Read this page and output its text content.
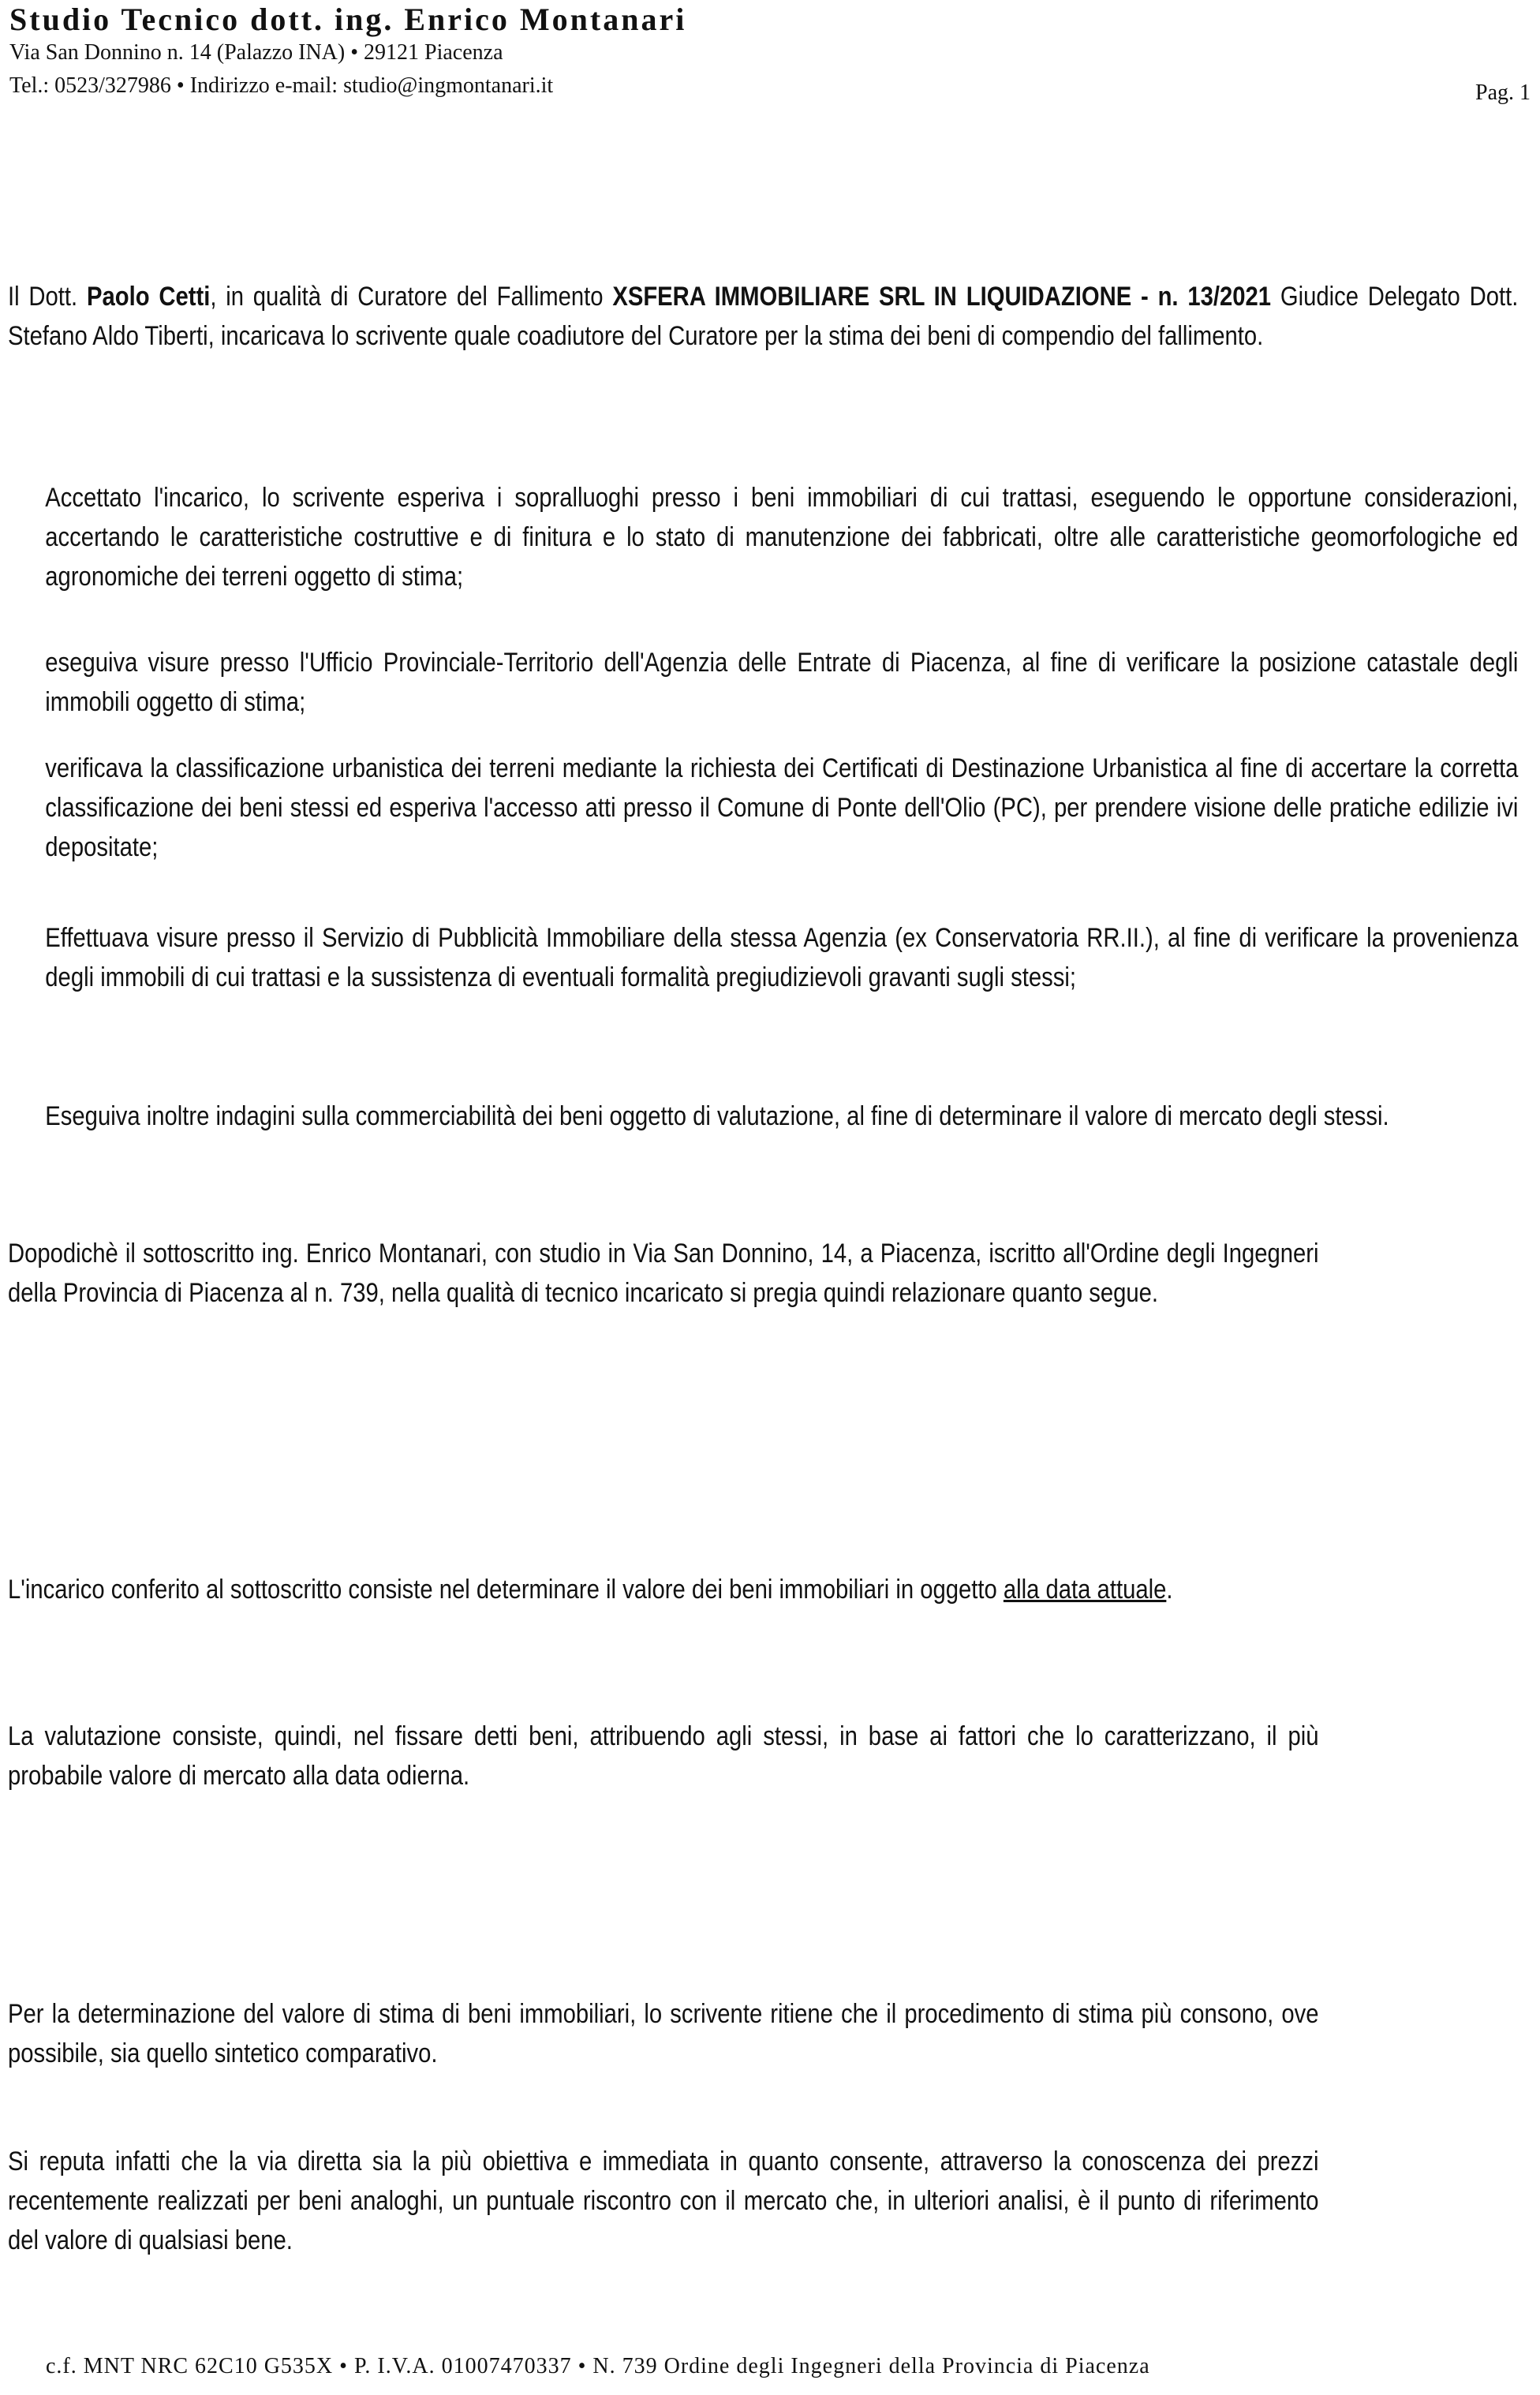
Studio Tecnico dott. ing. Enrico Montanari
Via San Donnino n. 14 (Palazzo INA) • 29121 Piacenza
Tel.: 0523/327986 • Indirizzo e-mail: studio@ingmontanari.it	Pag. 1

Il Dott. Paolo Cetti, in qualità di Curatore del Fallimento XSFERA IMMOBILIARE SRL IN LIQUIDAZIONE - n. 13/2021 Giudice Delegato Dott. Stefano Aldo Tiberti, incaricava lo scrivente quale coadiutore del Curatore per la stima dei beni di compendio del fallimento.

Accettato l'incarico, lo scrivente esperiva i sopralluoghi presso i beni immobiliari di cui trattasi, eseguendo le opportune considerazioni, accertando le caratteristiche costruttive e di finitura e lo stato di manutenzione dei fabbricati, oltre alle caratteristiche geomorfologiche ed agronomiche dei terreni oggetto di stima;

eseguiva visure presso l'Ufficio Provinciale-Territorio dell'Agenzia delle Entrate di Piacenza, al fine di verificare la posizione catastale degli immobili oggetto di stima;

verificava la classificazione urbanistica dei terreni mediante la richiesta dei Certificati di Destinazione Urbanistica al fine di accertare la corretta classificazione dei beni stessi ed esperiva l'accesso atti presso il Comune di Ponte dell'Olio (PC), per prendere visione delle pratiche edilizie ivi depositate;

Effettuava visure presso il Servizio di Pubblicità Immobiliare della stessa Agenzia (ex Conservatoria RR.II.), al fine di verificare la provenienza degli immobili di cui trattasi e la sussistenza di eventuali formalità pregiudizievoli gravanti sugli stessi;

Eseguiva inoltre indagini sulla commerciabilità dei beni oggetto di valutazione, al fine di determinare il valore di mercato degli stessi.

Dopodichè il sottoscritto ing. Enrico Montanari, con studio in Via San Donnino, 14, a Piacenza, iscritto all'Ordine degli Ingegneri della Provincia di Piacenza al n. 739, nella qualità di tecnico incaricato si pregia quindi relazionare quanto segue.

L'incarico conferito al sottoscritto consiste nel determinare il valore dei beni immobiliari in oggetto alla data attuale.

La valutazione consiste, quindi, nel fissare detti beni, attribuendo agli stessi, in base ai fattori che lo caratterizzano, il più probabile valore di mercato alla data odierna.

Per la determinazione del valore di stima di beni immobiliari, lo scrivente ritiene che il procedimento di stima più consono, ove possibile, sia quello sintetico comparativo.

Si reputa infatti che la via diretta sia la più obiettiva e immediata in quanto consente, attraverso la conoscenza dei prezzi recentemente realizzati per beni analoghi, un puntuale riscontro con il mercato che, in ulteriori analisi, è il punto di riferimento del valore di qualsiasi bene.

c.f. MNT NRC 62C10 G535X • P. I.V.A. 01007470337 • N. 739 Ordine degli Ingegneri della Provincia di Piacenza
